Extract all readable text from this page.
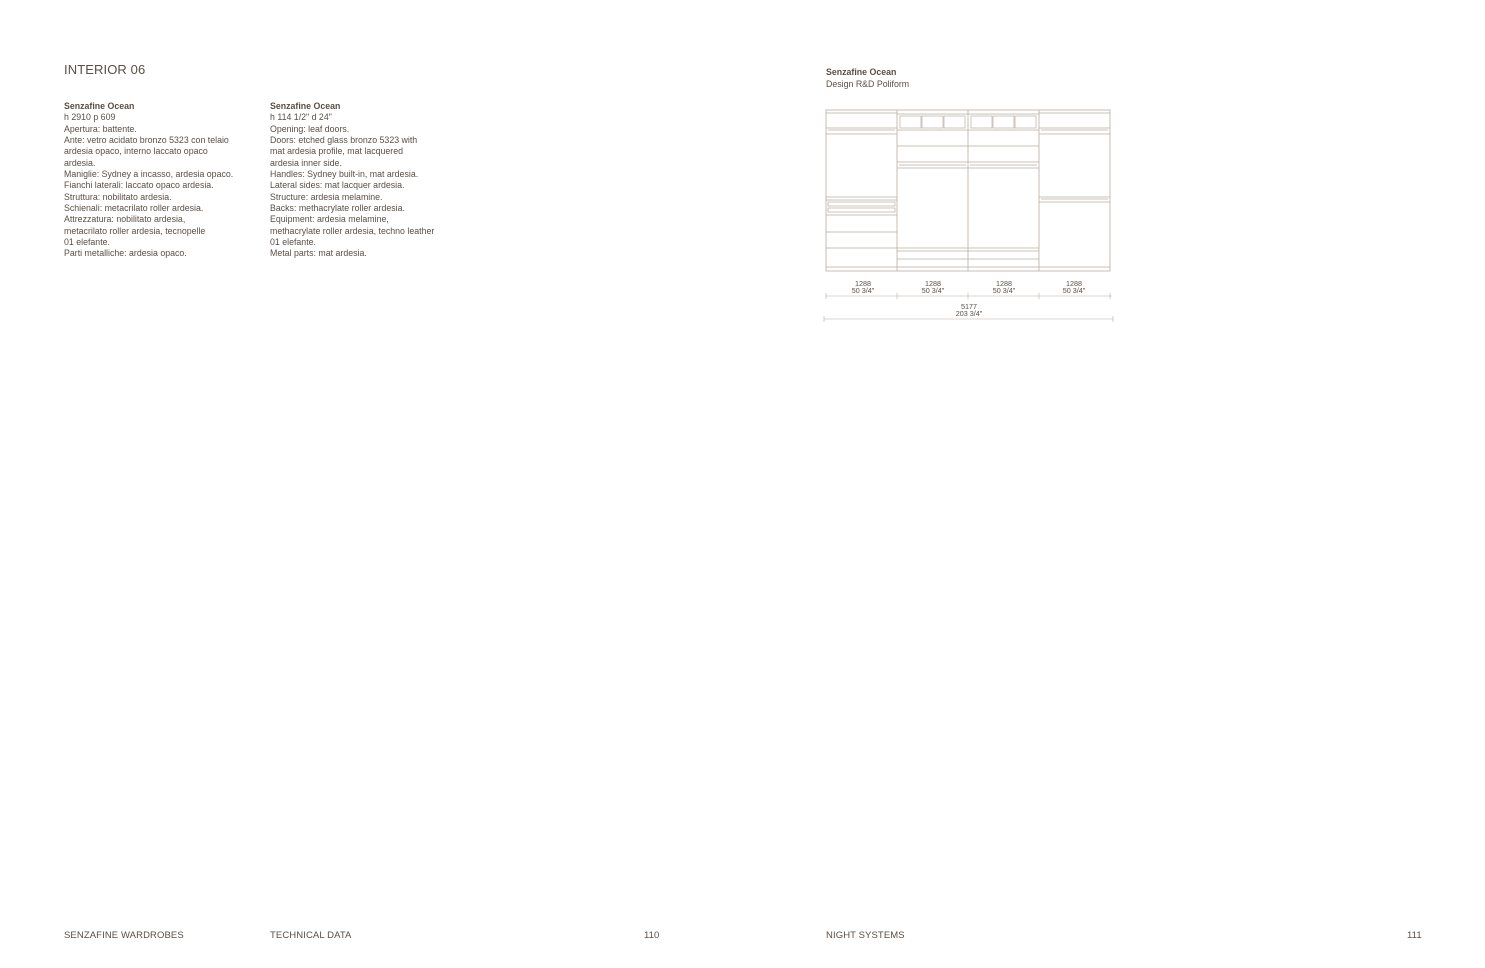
INTERIOR 06
Senzafine Ocean
h 2910 p 609
Apertura: battente.
Ante: vetro acidato bronzo 5323 con telaio
ardesia opaco, interno laccato opaco
ardesia.
Maniglie: Sydney a incasso, ardesia opaco.
Fianchi laterali: laccato opaco ardesia.
Struttura: nobilitato ardesia.
Schienali: metacrilato roller ardesia.
Attrezzatura: nobilitato ardesia,
metacrilato roller ardesia, tecnopelle
01 elefante.
Parti metalliche: ardesia opaco.
Senzafine Ocean
h 114 1/2" d 24"
Opening: leaf doors.
Doors: etched glass bronzo 5323 with
mat ardesia profile, mat lacquered
ardesia inner side.
Handles: Sydney built-in, mat ardesia.
Lateral sides: mat lacquer ardesia.
Structure: ardesia melamine.
Backs: methacrylate roller ardesia.
Equipment: ardesia melamine,
methacrylate roller ardesia, techno leather
01 elefante.
Metal parts: mat ardesia.
Senzafine Ocean
Design R&D Poliform
1288
50 3/4"
1288
50 3/4"
1288
50 3/4"
1288
50 3/4"
5177
203 3/4"
SENZAFINE WARDROBES	TECHNICAL DATA	110	NIGHT SYSTEMS	111
